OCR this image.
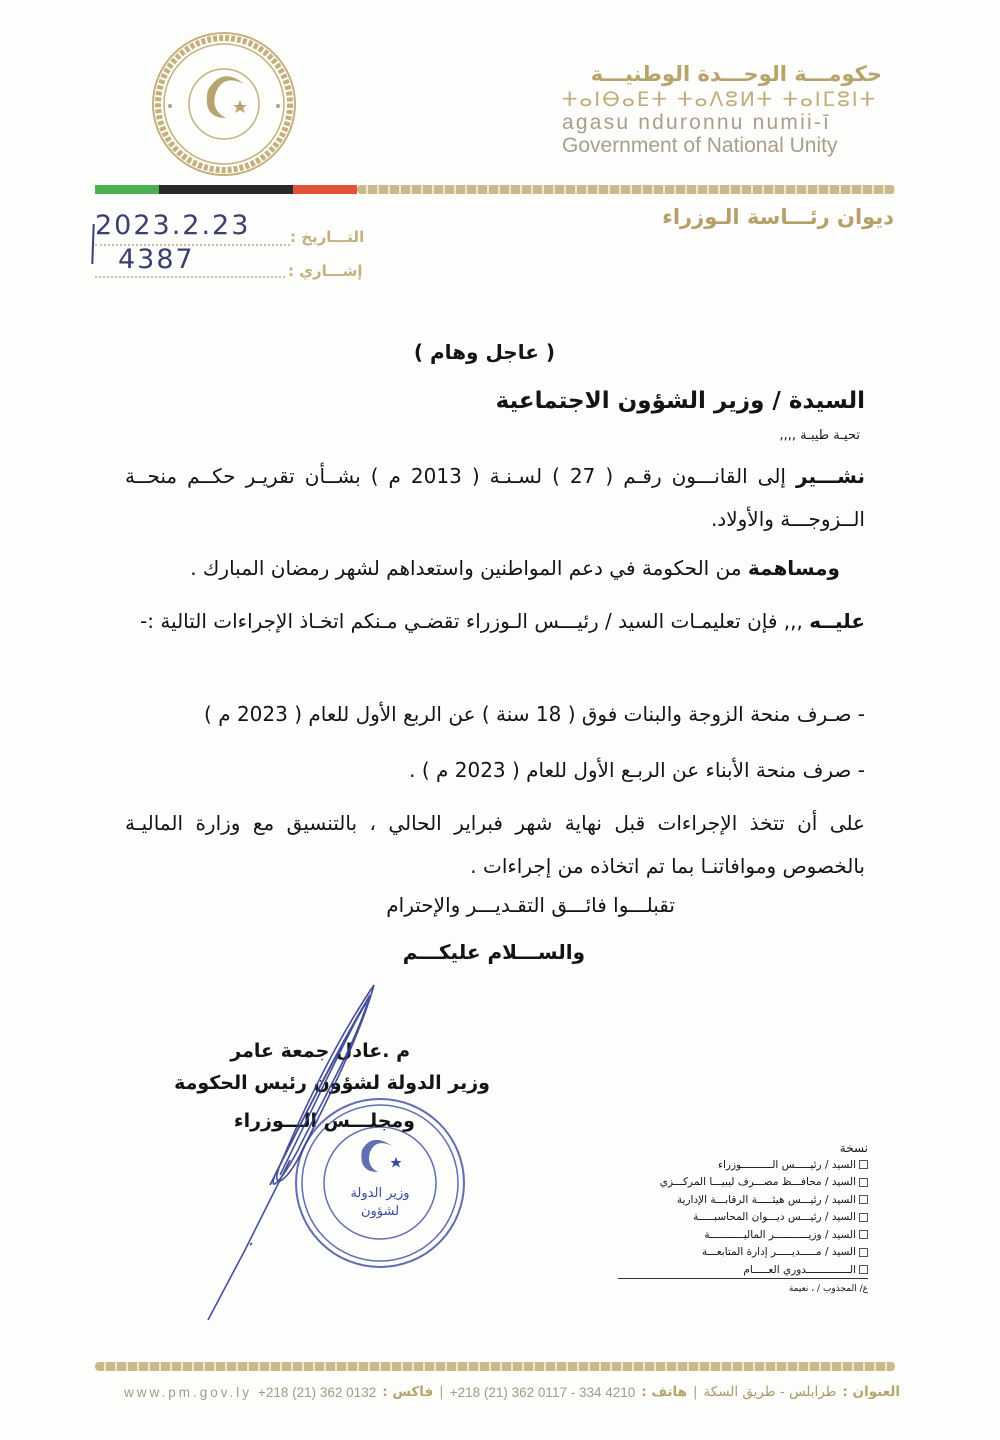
حكومـــة الوحـــدة الوطنيـــة
ⵜⴰⵏⴱⴰⴹⵜ ⵜⴰⴷⵓⵍⵜ ⵜⴰⵏⵎⵓⵏⵜ
agasu nduronnu numii-ī
Government of National Unity
ديوان رئـــاسة الـوزراء
التـــاريخ :
إشـــاري :
2023.2.23
4387
( عاجل وهام )
السيدة / وزير الشؤون الاجتماعية
تحيـة طيبـة ,,,,
نشـــير إلى القانـــون رقـم ( 27 ) لسـنـة ( 2013 م ) بشــأن تقريـر حكــم منحــة الــزوجـــة والأولاد.
ومساهمة من الحكومة في دعم المواطنين واستعداهم لشهر رمضان المبارك .
عليــه ,,, فإن تعليمـات السيد / رئيـــس الـوزراء تقضـي مـنكم اتخـاذ الإجراءات التالية :-
- صـرف منحة الزوجة والبنات فوق ( 18 سنة ) عن الربع الأول للعام ( 2023 م )
- صرف منحة الأبناء عن الربـع الأول للعام ( 2023 م ) .
على أن تتخذ الإجراءات قبل نهاية شهر فبراير الحالي ، بالتنسيق مع وزارة الماليـة بالخصوص وموافاتنـا بما تم اتخاذه من إجراءات .
تقبلـــوا فائـــق التقـديـــر والإحترام
والســـلام عليكـــم
وزير الدولة
لشؤون
م .عادل جمعة عامر
وزير الدولة لشؤون رئيس الحكومة
ومجلـــس الـــوزراء
نسخة
السيد / رئيـــــس الــــــــــوزراء
السيد / محافـــظ مصـــرف ليبيـــا المركـــزي
السيد / رئيـــس هيئـــــة الرقابـــة الإدارية
السيد / رئيـــس ديـــوان المحاسبـــــة
السيد / وزيـــــــــــر الماليـــــــــــة
السيد / مـــــديـــــر إدارة المتابعـــة
الــــــــــــــدوري العـــــام
ع/ المجذوب / ، نعيمة
العنوان :
طرابلس - طريق السكة
|
هاتف :
+218 (21) 362 0117 - 334 4210
|
فاكس :
+218 (21) 362 0132
www.pm.gov.ly
